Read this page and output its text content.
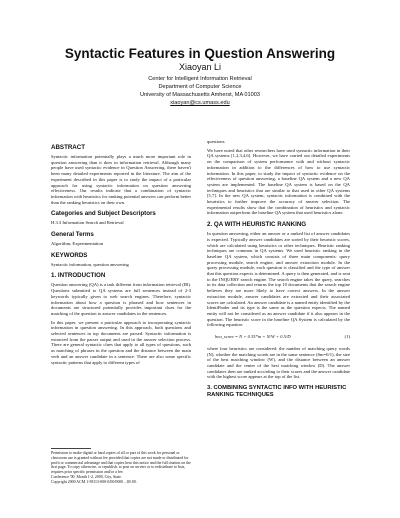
Syntactic Features in Question Answering
Xiaoyan Li
Center for Intelligent Information Retrieval
Department of Computer Science
University of Massachusetts Amherst, MA 01003
xiaoyan@cs.umass.edu
ABSTRACT

Syntactic information potentially plays a much more important role in question answering than it does in information retrieval. Although many people have used syntactic evidence in Question Answering, there haven't been many detailed experiments reported in the literature. The aim of the experiment described in this paper is to study the impact of a particular approach for using syntactic information on question answering effectiveness. Our results indicate that a combination of syntactic information with heuristics for ranking potential answers can perform better than the ranking heuristics on their own.

Categories and Subject Descriptors

H.3.3 Information Search and Retrieval

General Terms

Algorithm, Experimentation

KEYWORDS

Syntactic information, question answering

1. INTRODUCTION

Question answering (QA) is a task different from information retrieval (IR). Questions submitted to QA systems are full sentences instead of 2-3 keywords typically given to web search engines. Therefore, syntactic information about how a question is phrased and how sentences in documents are structured potentially provides important clues for the matching of the question to answer candidates in the sentences.

In this paper, we present a particular approach to incorporating syntactic information in question answering. In this approach, both questions and selected sentences in top documents are parsed. Syntactic information is extracted from the parser output and used in the answer selection process. There are general syntactic clues that apply to all types of questions, such as matching of phrases in the question and the distance between the main verb and an answer candidate in a sentence. There are also some specific syntactic patterns that apply to different types of

Permission to make digital or hard copies of all or part of this work for personal or classroom use is granted without fee provided that copies are not made or distributed for profit or commercial advantage and that copies bear this notice and the full citation on the first page. To copy otherwise, or republish, to post on servers or to redistribute to lists, requires prior specific permission and/or a fee.
Conference '00, Month 1-2, 2000, City, State.
Copyright 2000 ACM 1-58113-000-0/00/0000 ...$5.00.

questions.

We have noted that other researchers have used syntactic information in their QA systems [1,2,3,4,6]. However, we have carried out detailed experiments on the comparison of system performance with and without syntactic information in addition to the differences of how to use syntactic information. In this paper, to study the impact of syntactic evidence on the effectiveness of question answering, a baseline QA system and a new QA system are implemented. The baseline QA system is based on the QA techniques and heuristics that are similar to that used in other QA systems [5,7]. In the new QA system, syntactic information is combined with the heuristics to further improve the accuracy of answer selection. The experimental results show that the combination of heuristics and syntactic information outperform the baseline QA system that used heuristics alone.

2. QA WITH HEURISTIC RANKING

In question answering, either an answer or a ranked list of answer candidates is expected. Typically answer candidates are sorted by their heuristic scores, which are calculated using heuristics or other techniques. Heuristic ranking techniques are common in QA systems. We used heuristic ranking in the baseline QA system, which consists of three main components: query processing module, search engine, and answer extraction module. In the query processing module, each question is classified and the type of answer that this question expects is determined. A query is then generated, and is sent to the INQUERY search engine. The search engine takes the query, searches in its data collection and returns the top 10 documents that the search engine believes they are more likely to have correct answers. In the answer extraction module, answer candidates are extracted and their associated scores are calculated. An answer candidate is a named entity identified by the IdentiFinder and its type is the same as the question expects. The named entity will not be considered as an answer candidate if it also appears in the question. The heuristic score in the baseline QA System is calculated by the following equation:

heu_score = N + 0.35*m + N/W + 0.5/D	(1)

where four heuristics are considered: the number of matching query words (N), whether the matching words are in the same sentence (Sm=0/1), the size of the best matching window (W), and the distance between an answer candidate and the center of the best matching window (D). The answer candidates then are ranked according to their scores and the answer candidate with the highest score appears at the top of the list.

3. COMBINING SYNTACTIC INFO WITH HEURISTIC RANKING TECHNIQUES
